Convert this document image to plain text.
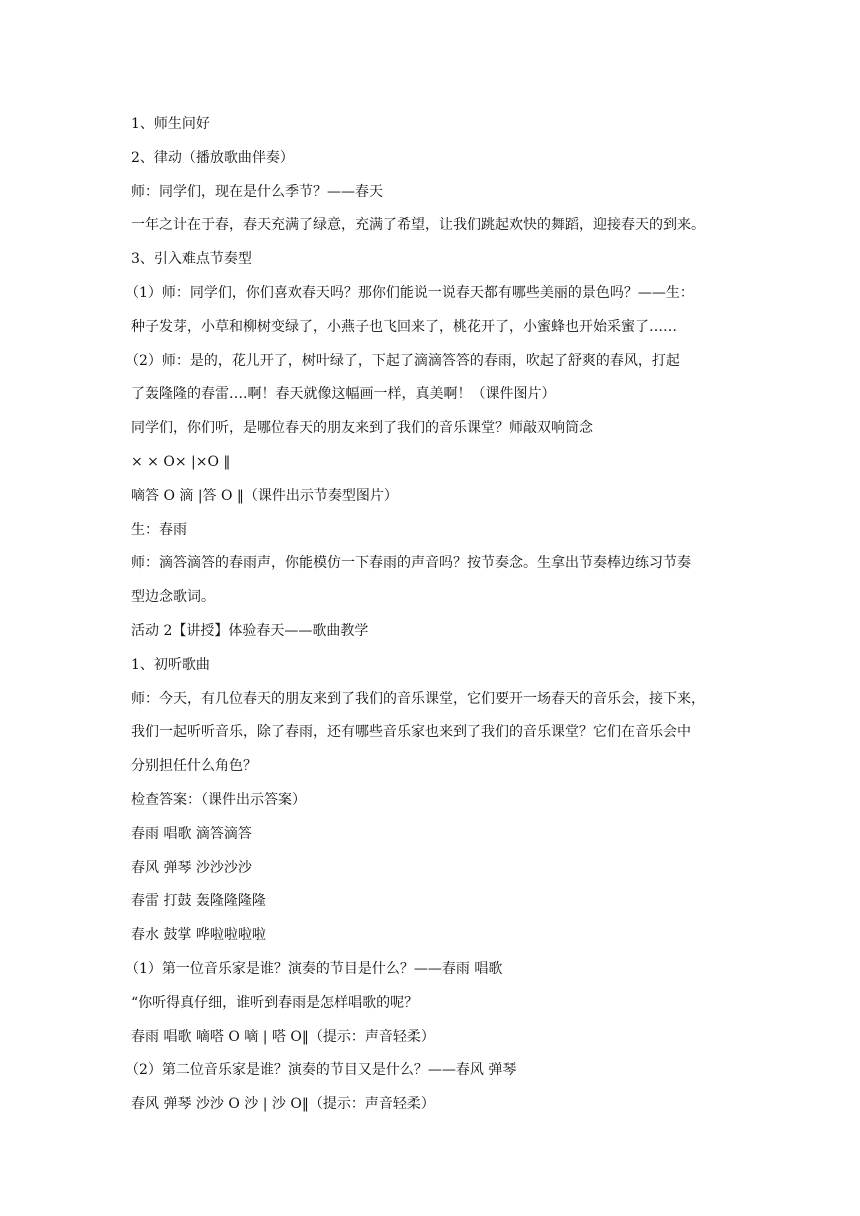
1、师生问好
2、律动（播放歌曲伴奏）
师：同学们，现在是什么季节？——春天
一年之计在于春，春天充满了绿意，充满了希望，让我们跳起欢快的舞蹈，迎接春天的到来。
3、引入难点节奏型
（1）师：同学们，你们喜欢春天吗？那你们能说一说春天都有哪些美丽的景色吗？——生：
种子发芽，小草和柳树变绿了，小燕子也飞回来了，桃花开了，小蜜蜂也开始采蜜了……
（2）师：是的，花儿开了，树叶绿了，下起了滴滴答答的春雨，吹起了舒爽的春风，打起
了轰隆隆的春雷….啊！春天就像这幅画一样，真美啊！（课件图片）
同学们，你们听，是哪位春天的朋友来到了我们的音乐课堂？师敲双响筒念
× × O× |×O ‖
嘀答 O 滴 |答 O ‖（课件出示节奏型图片）
生：春雨
师：滴答滴答的春雨声，你能模仿一下春雨的声音吗？按节奏念。生拿出节奏棒边练习节奏
型边念歌词。
活动 2【讲授】体验春天——歌曲教学
1、初听歌曲
师：今天，有几位春天的朋友来到了我们的音乐课堂，它们要开一场春天的音乐会，接下来，
我们一起听听音乐，除了春雨，还有哪些音乐家也来到了我们的音乐课堂？它们在音乐会中
分别担任什么角色？
检查答案：（课件出示答案）
春雨 唱歌 滴答滴答
春风 弹琴 沙沙沙沙
春雷 打鼓 轰隆隆隆隆
春水 鼓掌 哗啦啦啦啦
（1）第一位音乐家是谁？演奏的节目是什么？——春雨 唱歌
“你听得真仔细，谁听到春雨是怎样唱歌的呢？
春雨 唱歌 嘀嗒 O 嘀 | 嗒 O‖（提示：声音轻柔）
（2）第二位音乐家是谁？演奏的节目又是什么？——春风 弹琴
春风 弹琴 沙沙 O 沙 | 沙 O‖（提示：声音轻柔）
